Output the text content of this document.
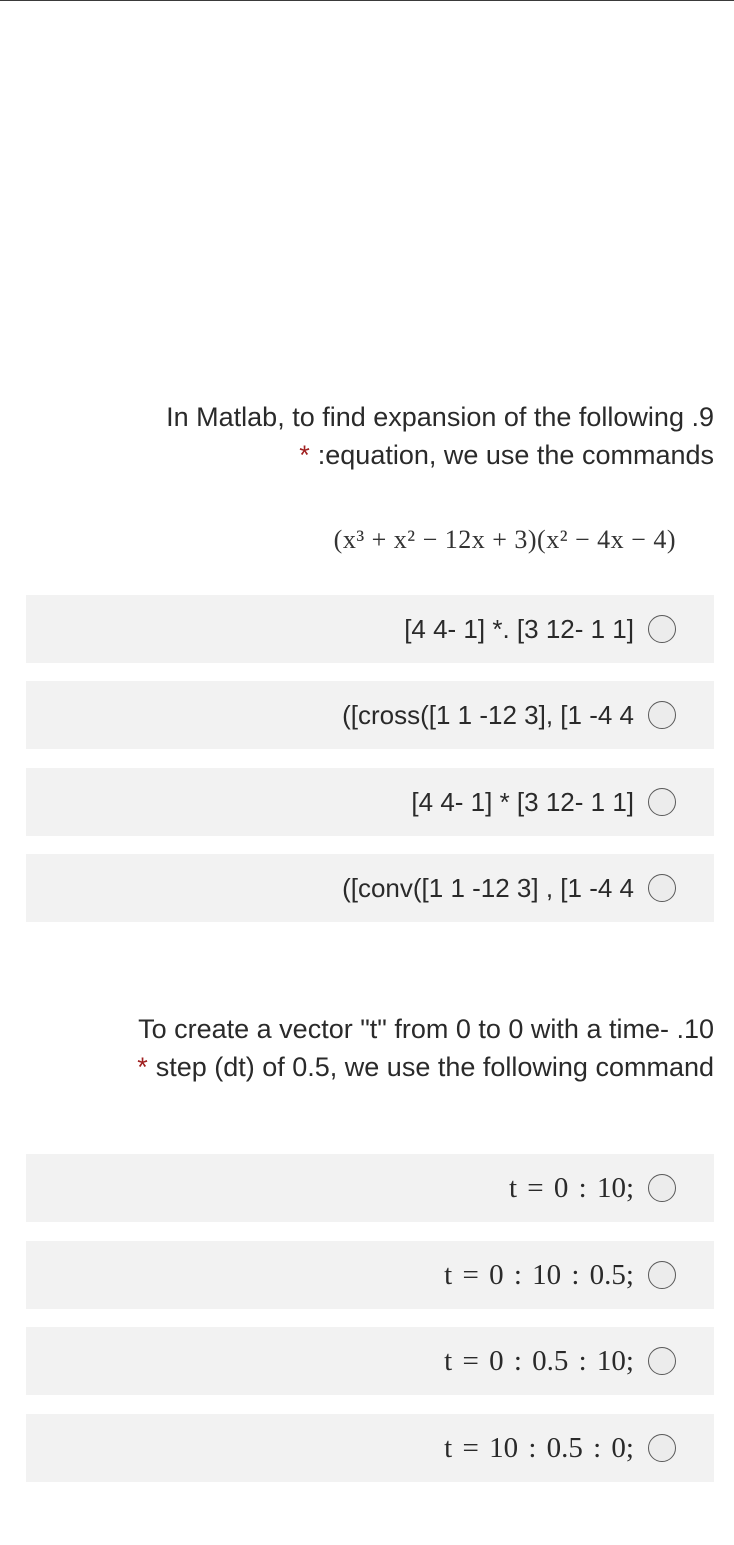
In Matlab, to find expansion of the following .9
* :equation, we use the commands
(x³ + x² − 12x + 3)(x² − 4x − 4)
[4 4- 1] *. [3 12- 1 1]
([cross([1 1 -12 3], [1 -4 4
[4 4- 1] * [3 12- 1 1]
([conv([1 1 -12 3] , [1 -4 4
To create a vector "t" from 0 to 0 with a time- .10
* step (dt) of 0.5, we use the following command
t = 0 : 10;
t = 0 : 10 : 0.5;
t = 0 : 0.5 : 10;
t = 10 : 0.5 : 0;
